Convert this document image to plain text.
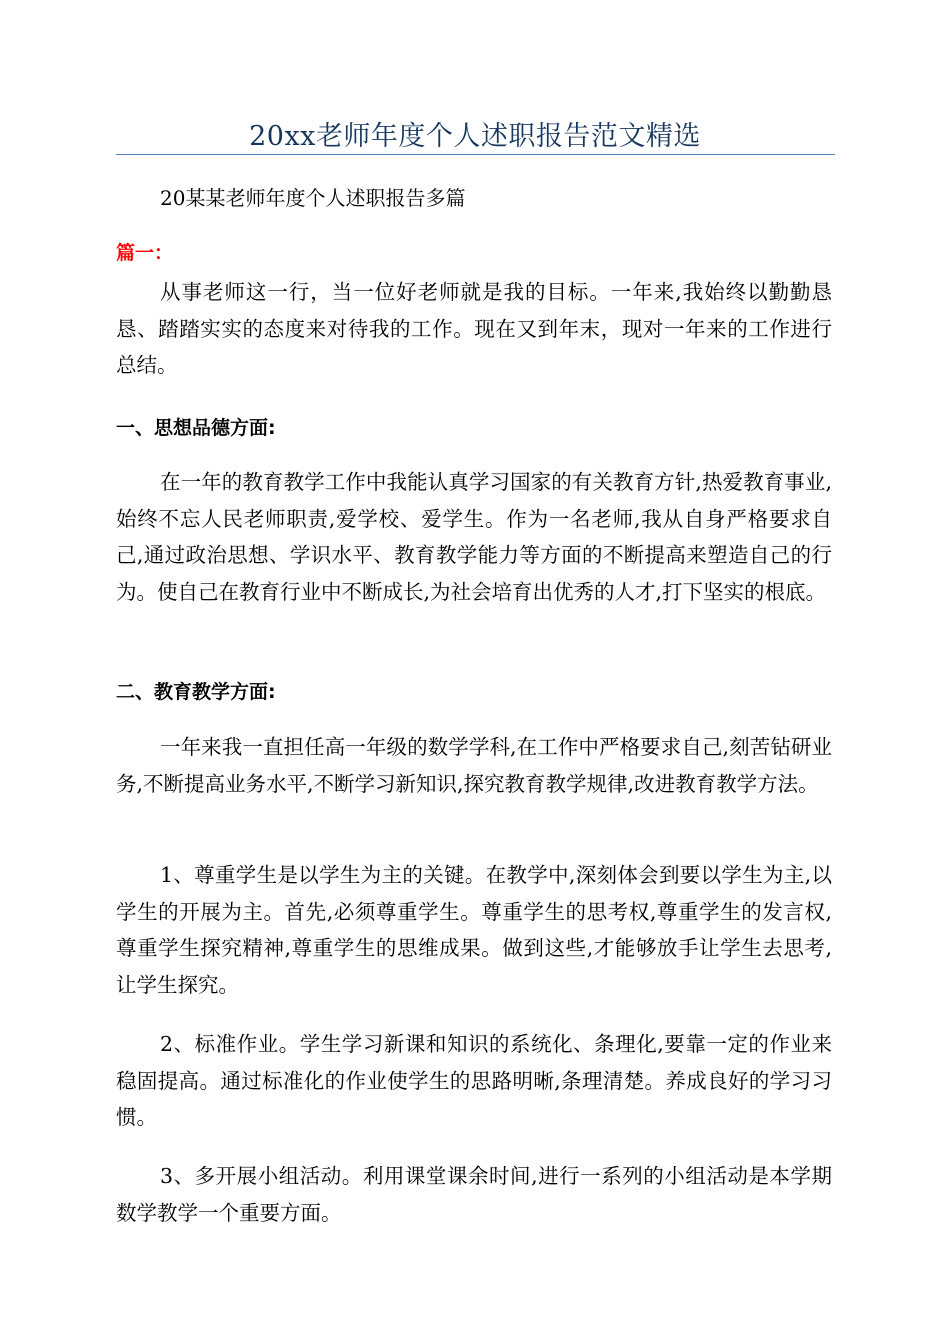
20xx老师年度个人述职报告范文精选
20某某老师年度个人述职报告多篇
篇一：
从事老师这一行，当一位好老师就是我的目标。一年来,我始终以勤勤恳恳、踏踏实实的态度来对待我的工作。现在又到年末，现对一年来的工作进行总结。
一、思想品德方面:
在一年的教育教学工作中我能认真学习国家的有关教育方针,热爱教育事业,始终不忘人民老师职责,爱学校、爱学生。作为一名老师,我从自身严格要求自己,通过政治思想、学识水平、教育教学能力等方面的不断提高来塑造自己的行为。使自己在教育行业中不断成长,为社会培育出优秀的人才,打下坚实的根底。
二、教育教学方面:
一年来我一直担任高一年级的数学学科,在工作中严格要求自己,刻苦钻研业务,不断提高业务水平,不断学习新知识,探究教育教学规律,改进教育教学方法。
1、尊重学生是以学生为主的关键。在教学中,深刻体会到要以学生为主,以学生的开展为主。首先,必须尊重学生。尊重学生的思考权,尊重学生的发言权,尊重学生探究精神,尊重学生的思维成果。做到这些,才能够放手让学生去思考,让学生探究。
2、标准作业。学生学习新课和知识的系统化、条理化,要靠一定的作业来稳固提高。通过标准化的作业使学生的思路明晰,条理清楚。养成良好的学习习惯。
3、多开展小组活动。利用课堂课余时间,进行一系列的小组活动是本学期数学教学一个重要方面。
